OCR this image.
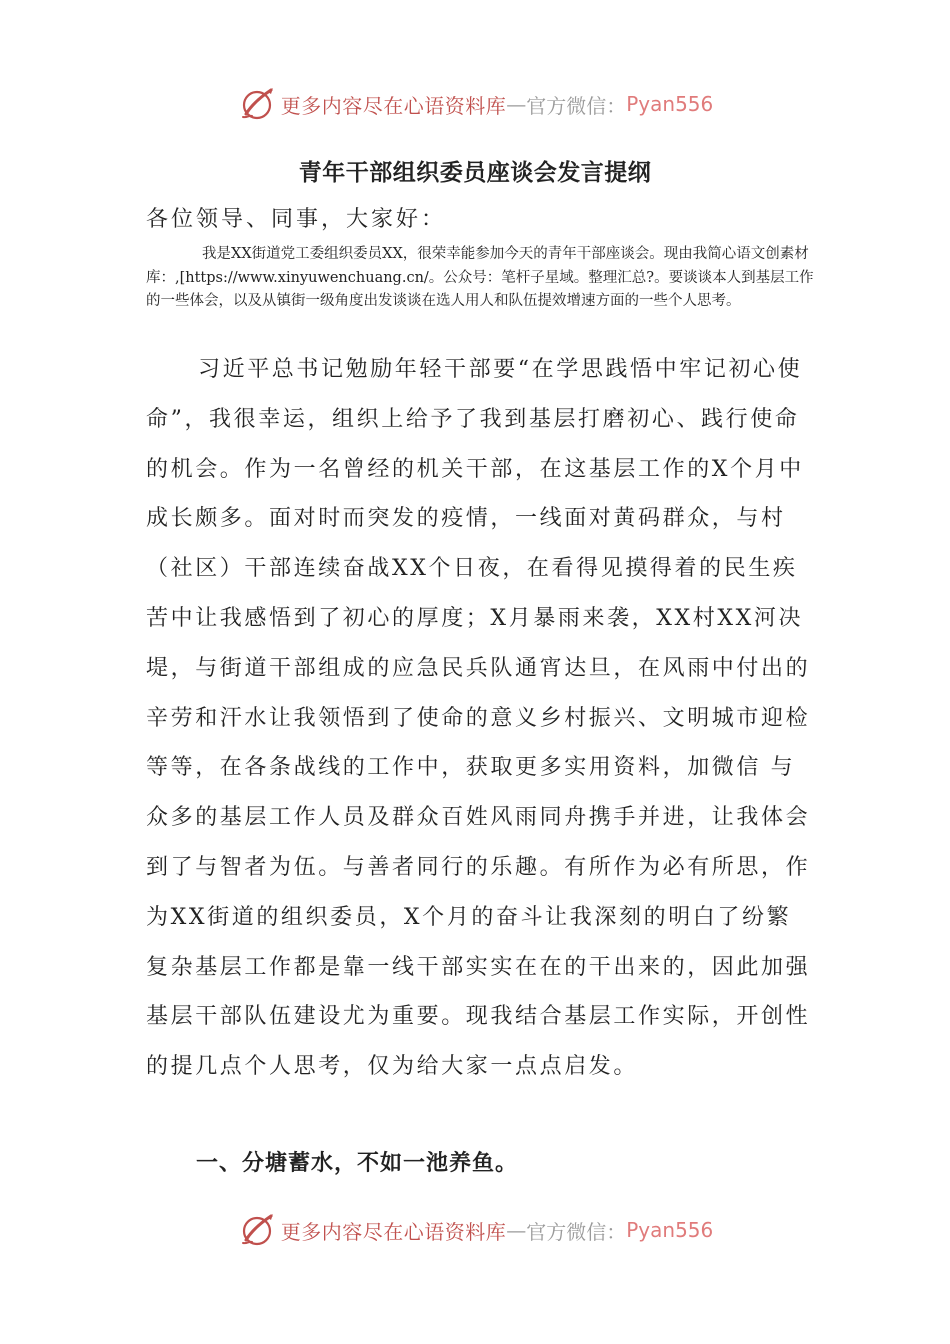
更多内容尽在心语资料库 — 官方微信： Pyan556
青年干部组织委员座谈会发言提纲
各位领导、同事，大家好：
我是XX街道党工委组织委员XX，很荣幸能参加今天的青年干部座谈会。现由我简心语文创素材库：,[https://www.xinyuwenchuang.cn/。公众号：笔杆子星域。整理汇总?。要谈谈本人到基层工作的一些体会，以及从镇街一级角度出发谈谈在选人用人和队伍提效增速方面的一些个人思考。
习近平总书记勉励年轻干部要“在学思践悟中牢记初心使命”，我很幸运，组织上给予了我到基层打磨初心、践行使命的机会。作为一名曾经的机关干部，在这基层工作的X个月中成长颇多。面对时而突发的疫情，一线面对黄码群众，与村（社区）干部连续奋战XX个日夜，在看得见摸得着的民生疾苦中让我感悟到了初心的厚度；X月暴雨来袭，XX村XX河决堤，与街道干部组成的应急民兵队通宵达旦，在风雨中付出的辛劳和汗水让我领悟到了使命的意义乡村振兴、文明城市迎检等等，在各条战线的工作中，获取更多实用资料，加微信 与众多的基层工作人员及群众百姓风雨同舟携手并进，让我体会到了与智者为伍。与善者同行的乐趣。有所作为必有所思，作为XX街道的组织委员，X个月的奋斗让我深刻的明白了纷繁复杂基层工作都是靠一线干部实实在在的干出来的，因此加强基层干部队伍建设尤为重要。现我结合基层工作实际，开创性的提几点个人思考，仅为给大家一点点启发。
一、分塘蓄水，不如一池养鱼。
更多内容尽在心语资料库 — 官方微信： Pyan556
